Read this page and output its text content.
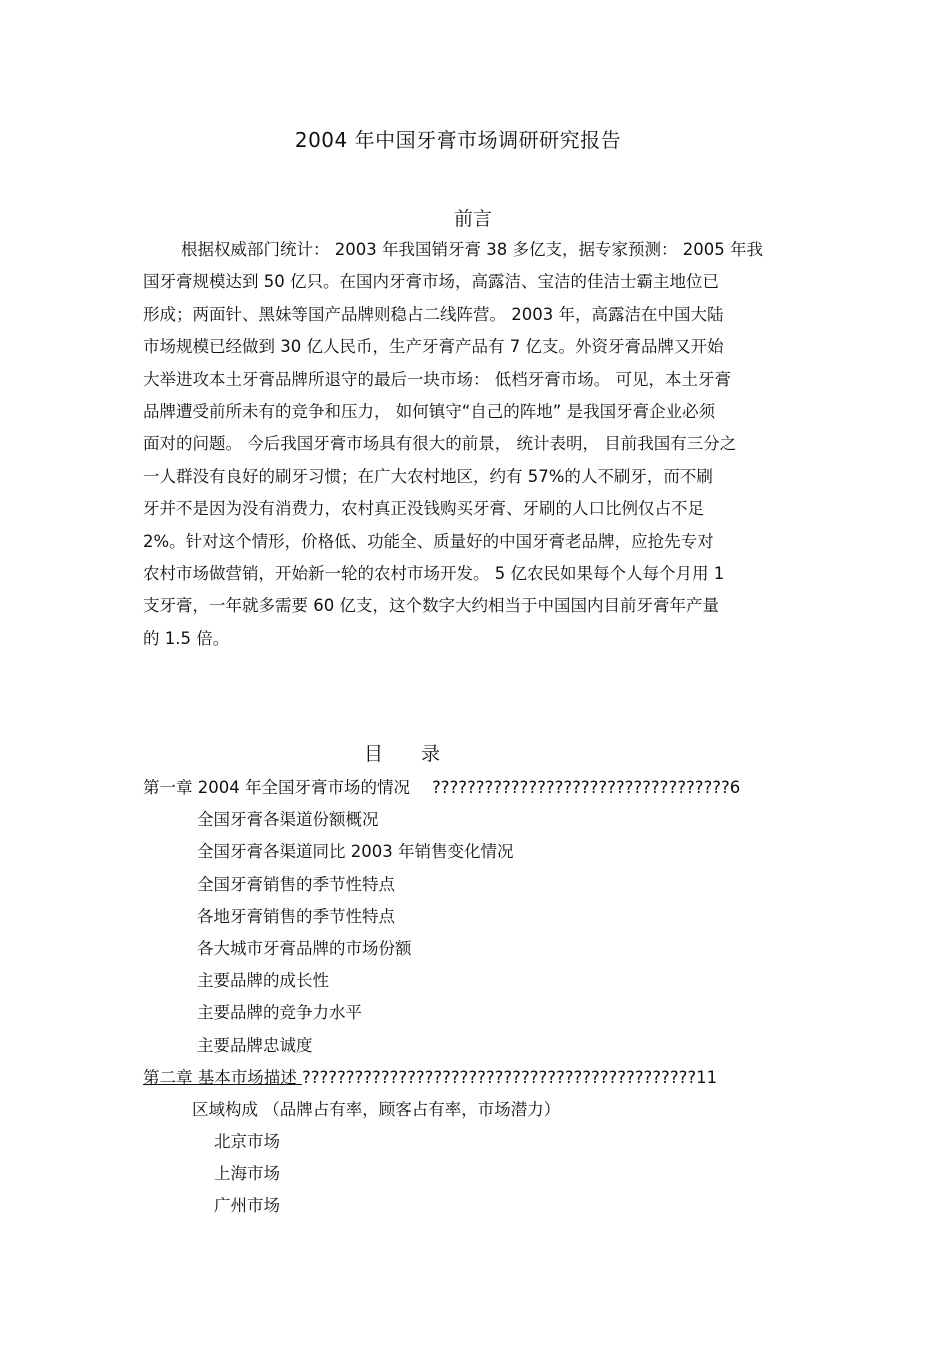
2004 年中国牙膏市场调研研究报告
前言
根据权威部门统计： 2003 年我国销牙膏 38 多亿支，据专家预测： 2005 年我
国牙膏规模达到 50 亿只。在国内牙膏市场，高露洁、宝洁的佳洁士霸主地位已
形成；两面针、黑妹等国产品牌则稳占二线阵营。 2003 年，高露洁在中国大陆
市场规模已经做到 30 亿人民币，生产牙膏产品有 7 亿支。外资牙膏品牌又开始
大举进攻本土牙膏品牌所退守的最后一块市场： 低档牙膏市场。 可见，本土牙膏
品牌遭受前所未有的竞争和压力， 如何镇守“自己的阵地” 是我国牙膏企业必须
面对的问题。 今后我国牙膏市场具有很大的前景， 统计表明， 目前我国有三分之
一人群没有良好的刷牙习惯；在广大农村地区，约有 57%的人不刷牙，而不刷
牙并不是因为没有消费力，农村真正没钱购买牙膏、牙刷的人口比例仅占不足
2%。针对这个情形，价格低、功能全、质量好的中国牙膏老品牌，应抢先专对
农村市场做营销，开始新一轮的农村市场开发。 5 亿农民如果每个人每个月用 1
支牙膏，一年就多需要 60 亿支，这个数字大约相当于中国国内目前牙膏年产量
的 1.5 倍。
目 录
第一章 2004 年全国牙膏市场的情况 ??????????????????????????????????6
全国牙膏各渠道份额概况
全国牙膏各渠道同比 2003 年销售变化情况
全国牙膏销售的季节性特点
各地牙膏销售的季节性特点
各大城市牙膏品牌的市场份额
主要品牌的成长性
主要品牌的竞争力水平
主要品牌忠诚度
第二章 基本市场描述 ?????????????????????????????????????????????11
区域构成 （品牌占有率，顾客占有率，市场潜力）
北京市场
上海市场
广州市场
